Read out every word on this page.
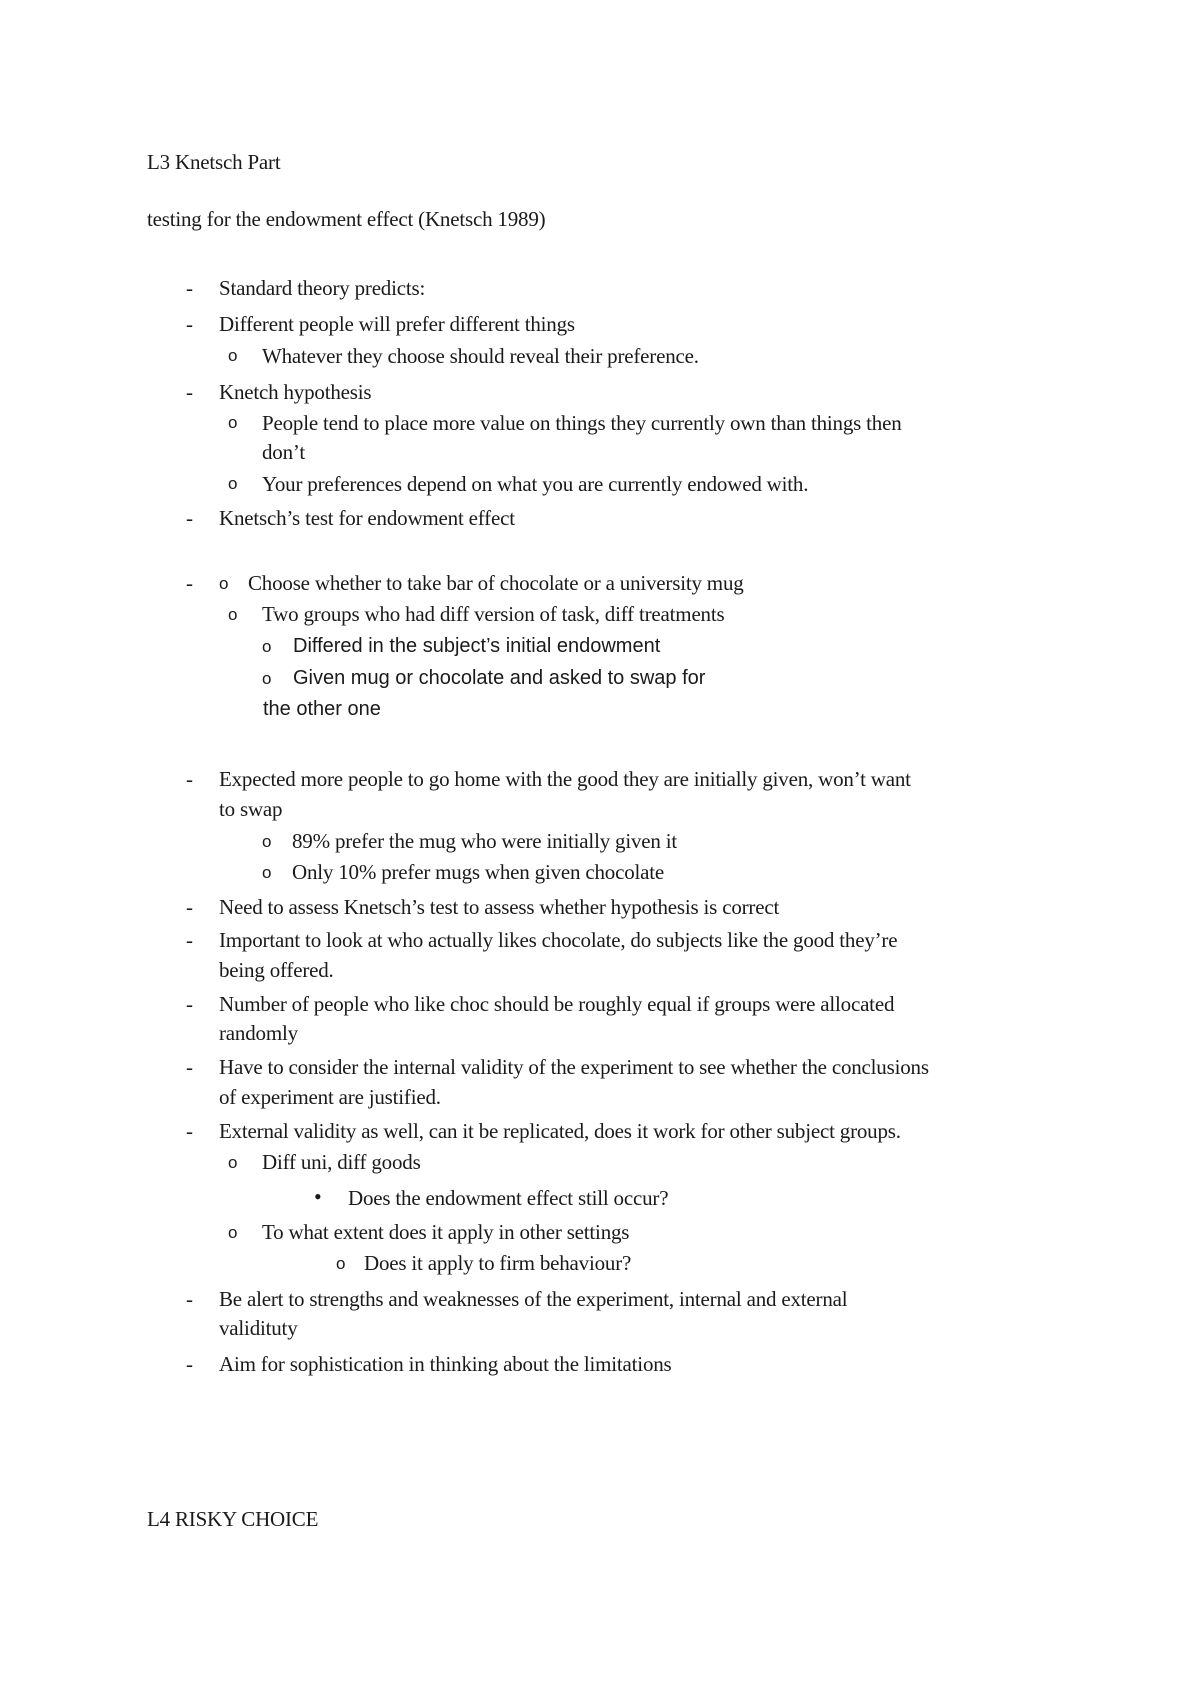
L3 Knetsch Part
testing for the endowment effect (Knetsch 1989)
- Standard theory predicts:
- Different people will prefer different things
o Whatever they choose should reveal their preference.
- Knetch hypothesis
o People tend to place more value on things they currently own than things then
don’t
o Your preferences depend on what you are currently endowed with.
- Knetsch’s test for endowment effect
- o Choose whether to take bar of chocolate or a university mug
o Two groups who had diff version of task, diff treatments
o Differed in the subject’s initial endowment
o Given mug or chocolate and asked to swap for
the other one
- Expected more people to go home with the good they are initially given, won’t want
to swap
o 89% prefer the mug who were initially given it
o Only 10% prefer mugs when given chocolate
- Need to assess Knetsch’s test to assess whether hypothesis is correct
- Important to look at who actually likes chocolate, do subjects like the good they’re
being offered.
- Number of people who like choc should be roughly equal if groups were allocated
randomly
- Have to consider the internal validity of the experiment to see whether the conclusions
of experiment are justified.
- External validity as well, can it be replicated, does it work for other subject groups.
o Diff uni, diff goods
• Does the endowment effect still occur?
o To what extent does it apply in other settings
o Does it apply to firm behaviour?
- Be alert to strengths and weaknesses of the experiment, internal and external
validituty
- Aim for sophistication in thinking about the limitations
L4 RISKY CHOICE
